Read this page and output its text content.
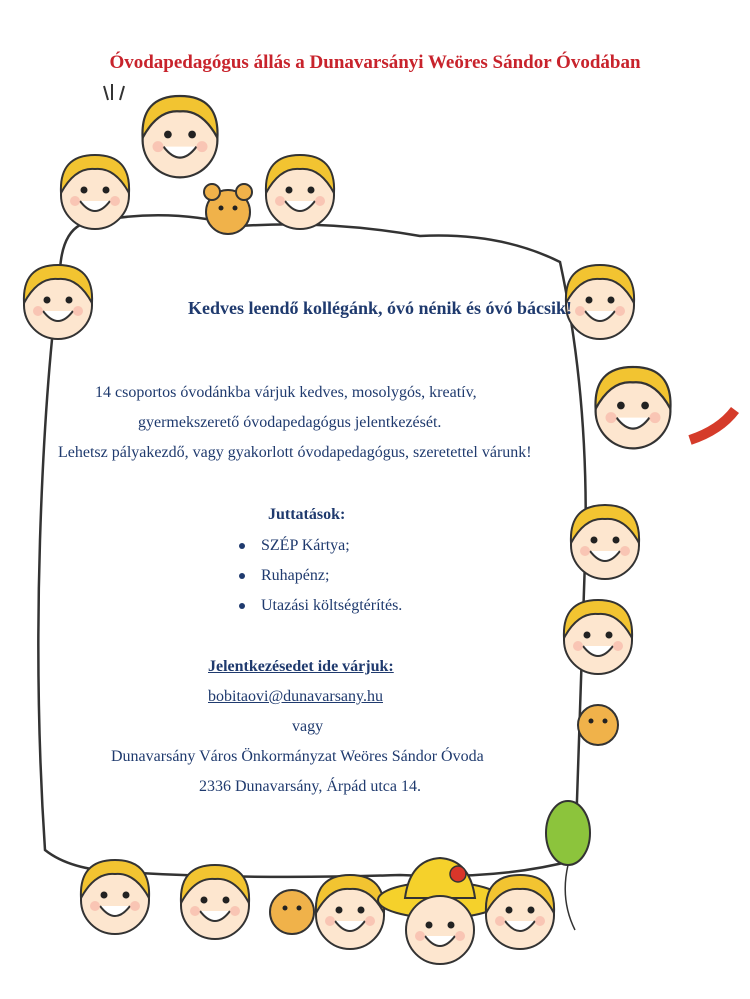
Óvodapedagógus állás a Dunavarsányi Weöres Sándor Óvodában
Kedves leendő kollégánk, óvó nénik és óvó bácsik!
14 csoportos óvodánkba várjuk kedves, mosolygós, kreatív,
gyermekszerető óvodapedagógus jelentkezését.
Lehetsz pályakezdő, vagy gyakorlott óvodapedagógus, szeretettel várunk!
Juttatások:
SZÉP Kártya;
Ruhapénz;
Utazási költségtérítés.
Jelentkezésedet ide várjuk:
bobitaovi@dunavarsany.hu
vagy
Dunavarsány Város Önkormányzat Weöres Sándor Óvoda
2336 Dunavarsány, Árpád utca 14.
